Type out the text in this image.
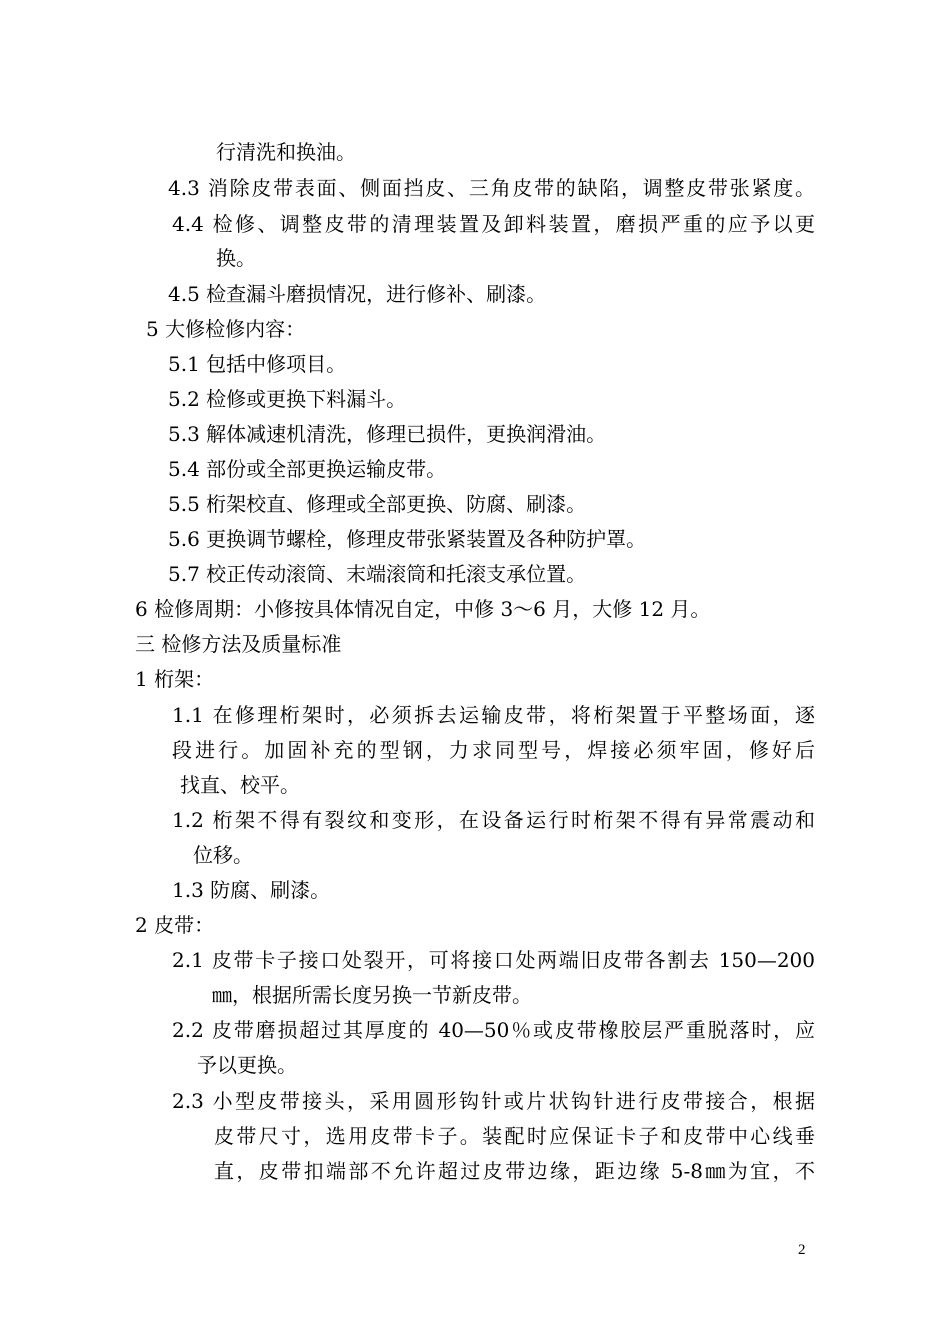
行清洗和换油。
4.3 消除皮带表面、侧面挡皮、三角皮带的缺陷，调整皮带张紧度。
4.4 检修、调整皮带的清理装置及卸料装置，磨损严重的应予以更
换。
4.5 检查漏斗磨损情况，进行修补、刷漆。
5 大修检修内容：
5.1 包括中修项目。
5.2 检修或更换下料漏斗。
5.3 解体减速机清洗，修理已损件，更换润滑油。
5.4 部份或全部更换运输皮带。
5.5 桁架校直、修理或全部更换、防腐、刷漆。
5.6 更换调节螺栓，修理皮带张紧装置及各种防护罩。
5.7 校正传动滚筒、末端滚筒和托滚支承位置。
6 检修周期：小修按具体情况自定，中修 3～6 月，大修 12 月。
三 检修方法及质量标准
1 桁架：
1.1 在修理桁架时，必须拆去运输皮带，将桁架置于平整场面，逐
段进行。加固补充的型钢，力求同型号，焊接必须牢固，修好后
找直、校平。
1.2 桁架不得有裂纹和变形，在设备运行时桁架不得有异常震动和
位移。
1.3 防腐、刷漆。
2 皮带：
2.1 皮带卡子接口处裂开，可将接口处两端旧皮带各割去 150—200
㎜，根据所需长度另换一节新皮带。
2.2 皮带磨损超过其厚度的 40—50％或皮带橡胶层严重脱落时，应
予以更换。
2.3 小型皮带接头，采用圆形钩针或片状钩针进行皮带接合，根据
皮带尺寸，选用皮带卡子。装配时应保证卡子和皮带中心线垂
直，皮带扣端部不允许超过皮带边缘，距边缘 5-8㎜为宜，不
2
